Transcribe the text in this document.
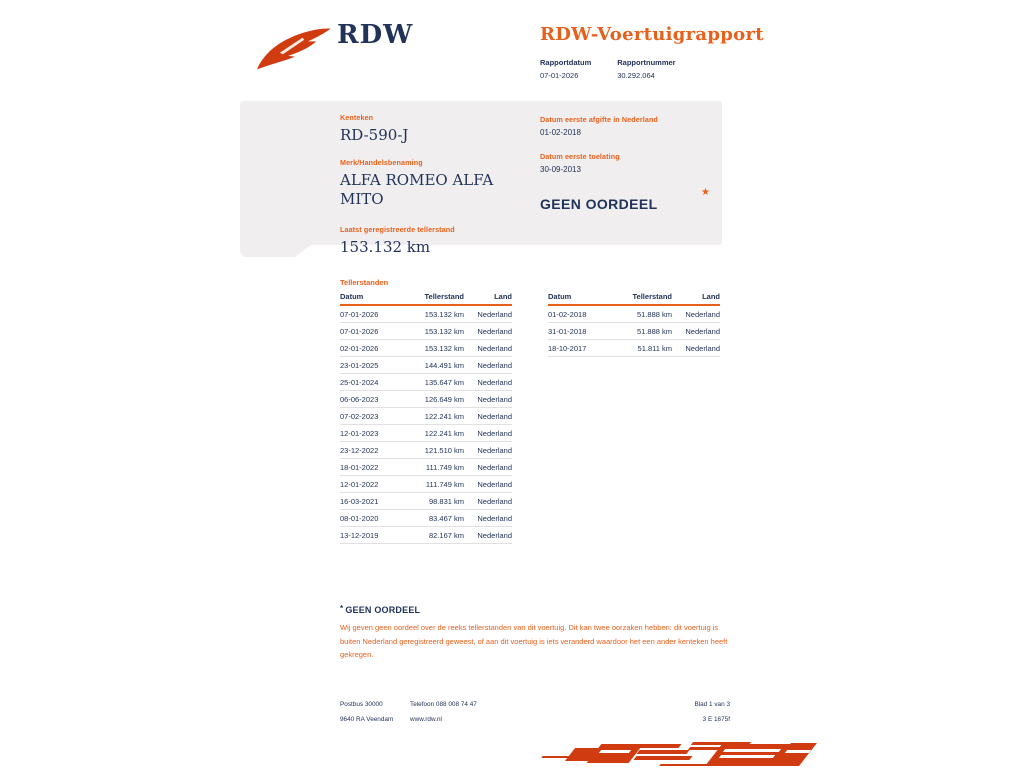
RDW	RDW-Voertuigrapport
Rapportdatum
07-01-2026
Rapportnummer
30.292.064
Kenteken
RD-590-J
Merk/Handelsbenaming
ALFA ROMEO ALFA MITO
Laatst geregistreerde tellerstand
153.132 km
Datum eerste afgifte in Nederland
01-02-2018
Datum eerste toelating
30-09-2013
GEEN OORDEEL
★
Tellerstanden
Datum	Tellerstand	Land
07-01-2026	153.132 km	Nederland
07-01-2026	153.132 km	Nederland
02-01-2026	153.132 km	Nederland
23-01-2025	144.491 km	Nederland
25-01-2024	135.647 km	Nederland
06-06-2023	126.649 km	Nederland
07-02-2023	122.241 km	Nederland
12-01-2023	122.241 km	Nederland
23-12-2022	121.510 km	Nederland
18-01-2022	111.749 km	Nederland
12-01-2022	111.749 km	Nederland
16-03-2021	98.831 km	Nederland
08-01-2020	83.467 km	Nederland
13-12-2019	82.167 km	Nederland
Datum	Tellerstand	Land
01-02-2018	51.888 km	Nederland
31-01-2018	51.888 km	Nederland
18-10-2017	51.811 km	Nederland
* GEEN OORDEEL
Wij geven geen oordeel over de reeks tellerstanden van dit voertuig. Dit kan twee oorzaken hebben: dit voertuig is buiten Nederland geregistreerd geweest, of aan dit voertuig is iets veranderd waardoor het een ander kenteken heeft gekregen.
Postbus 30000
9640 RA Veendam
Telefoon 088 008 74 47
www.rdw.nl
Blad 1 van 3
3 E 1675f
